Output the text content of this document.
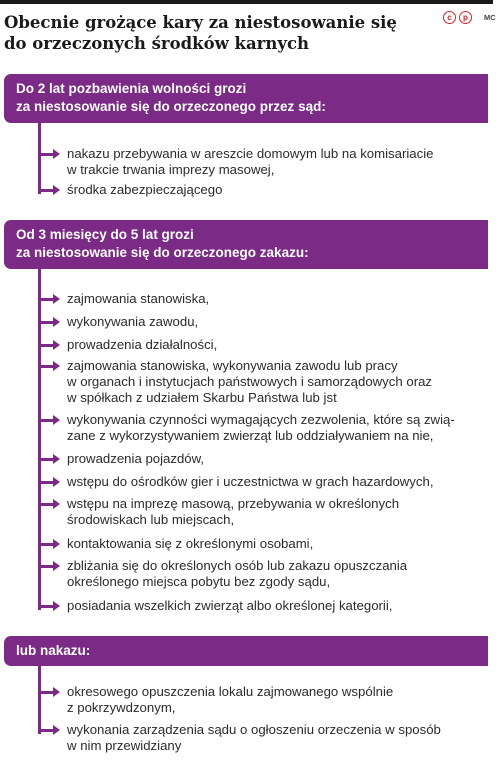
Obecnie grożące kary za niestosowanie się
do orzeczonych środków karnych
c	p	MC
Do 2 lat pozbawienia wolności grozi
za niestosowanie się do orzeczonego przez sąd:
nakazu przebywania w areszcie domowym lub na komisariacie
w trakcie trwania imprezy masowej,
środka zabezpieczającego
Od 3 miesięcy do 5 lat grozi
za niestosowanie się do orzeczonego zakazu:
zajmowania stanowiska,
wykonywania zawodu,
prowadzenia działalności,
zajmowania stanowiska, wykonywania zawodu lub pracy
w organach i instytucjach państwowych i samorządowych oraz
w spółkach z udziałem Skarbu Państwa lub jst
wykonywania czynności wymagających zezwolenia, które są zwią-
zane z wykorzystywaniem zwierząt lub oddziaływaniem na nie,
prowadzenia pojazdów,
wstępu do ośrodków gier i uczestnictwa w grach hazardowych,
wstępu na imprezę masową, przebywania w określonych
środowiskach lub miejscach,
kontaktowania się z określonymi osobami,
zbliżania się do określonych osób lub zakazu opuszczania
określonego miejsca pobytu bez zgody sądu,
posiadania wszelkich zwierząt albo określonej kategorii,
lub nakazu:
okresowego opuszczenia lokalu zajmowanego wspólnie
z pokrzywdzonym,
wykonania zarządzenia sądu o ogłoszeniu orzeczenia w sposób
w nim przewidziany
